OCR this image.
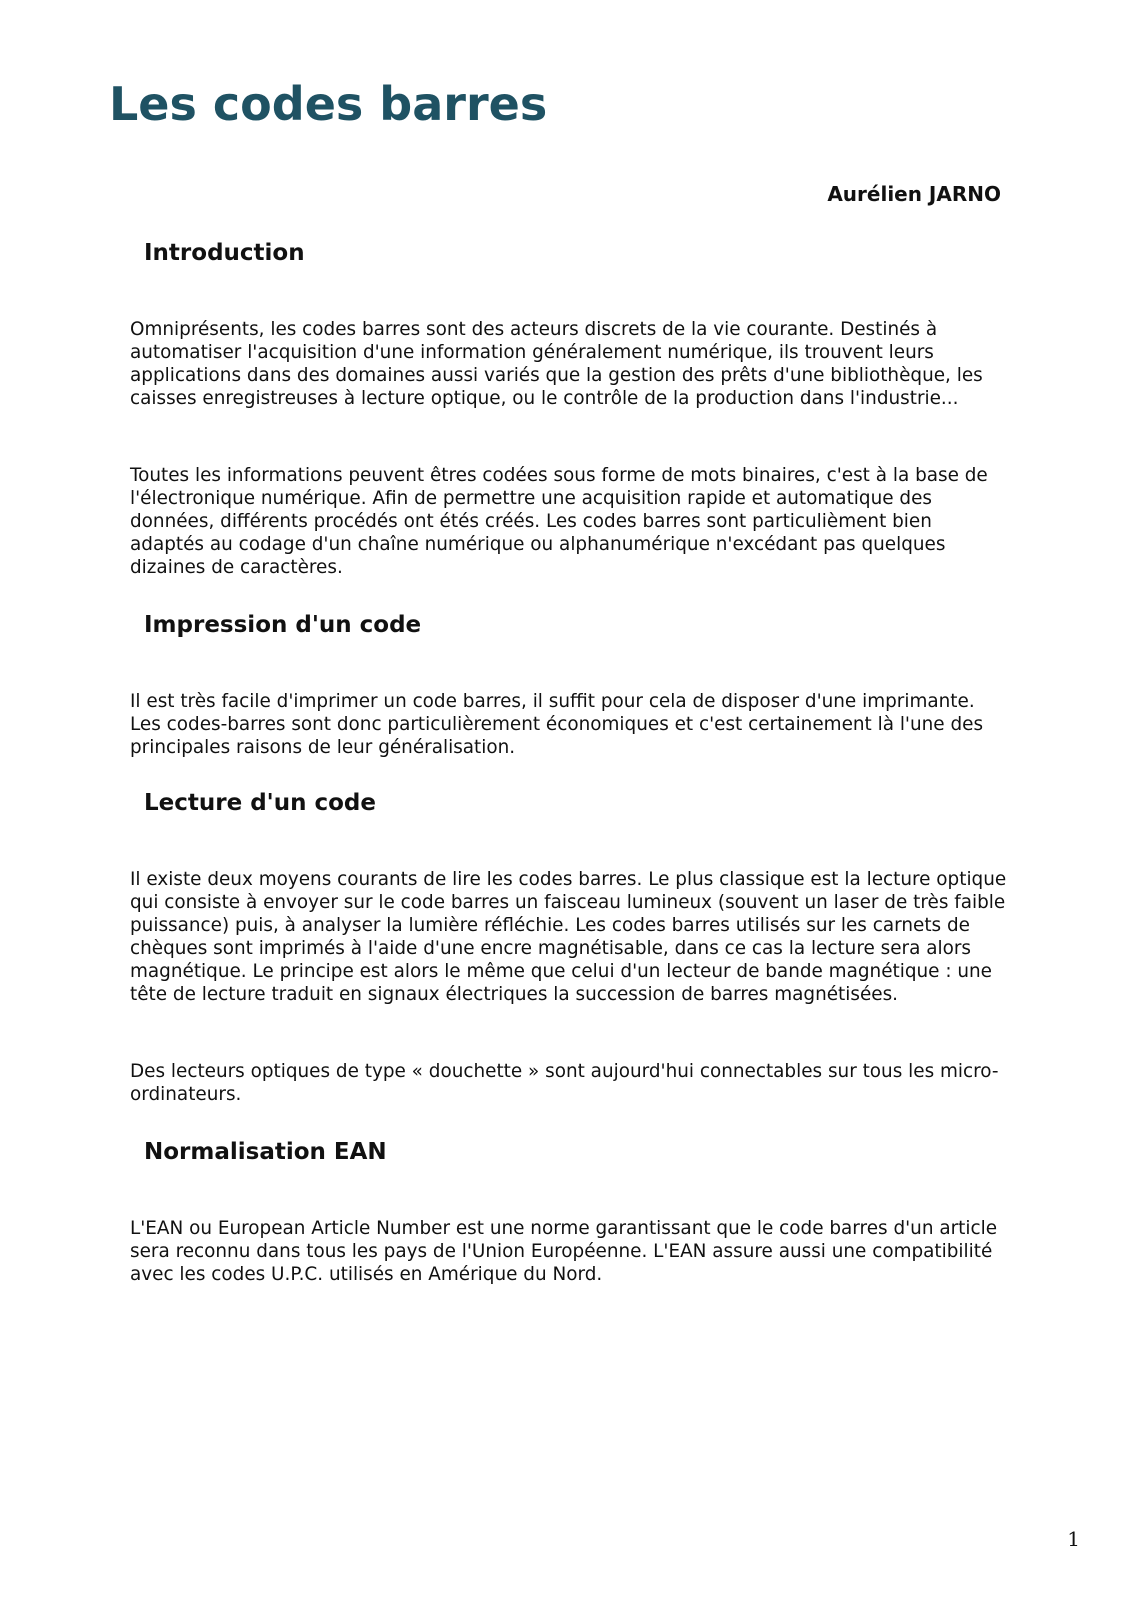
Les codes barres

Aurélien JARNO

Introduction

Omniprésents, les codes barres sont des acteurs discrets de la vie courante. Destinés à automatiser l'acquisition d'une information généralement numérique, ils trouvent leurs applications dans des domaines aussi variés que la gestion des prêts d'une bibliothèque, les caisses enregistreuses à lecture optique, ou le contrôle de la production dans l'industrie...

Toutes les informations peuvent êtres codées sous forme de mots binaires, c'est à la base de l'électronique numérique. Afin de permettre une acquisition rapide et automatique des données, différents procédés ont étés créés. Les codes barres sont particulièment bien adaptés au codage d'un chaîne numérique ou alphanumérique n'excédant pas quelques dizaines de caractères.

Impression d'un code

Il est très facile d'imprimer un code barres, il suffit pour cela de disposer d'une imprimante. Les codes-barres sont donc particulièrement économiques et c'est certainement là l'une des principales raisons de leur généralisation.

Lecture d'un code

Il existe deux moyens courants de lire les codes barres. Le plus classique est la lecture optique qui consiste à envoyer sur le code barres un faisceau lumineux (souvent un laser de très faible puissance) puis, à analyser la lumière réfléchie. Les codes barres utilisés sur les carnets de chèques sont imprimés à l'aide d'une encre magnétisable, dans ce cas la lecture sera alors magnétique. Le principe est alors le même que celui d'un lecteur de bande magnétique : une tête de lecture traduit en signaux électriques la succession de barres magnétisées.

Des lecteurs optiques de type « douchette » sont aujourd'hui connectables sur tous les micro-ordinateurs.

Normalisation EAN

L'EAN ou European Article Number est une norme garantissant que le code barres d'un article sera reconnu dans tous les pays de l'Union Européenne. L'EAN assure aussi une compatibilité avec les codes U.P.C. utilisés en Amérique du Nord.

1
